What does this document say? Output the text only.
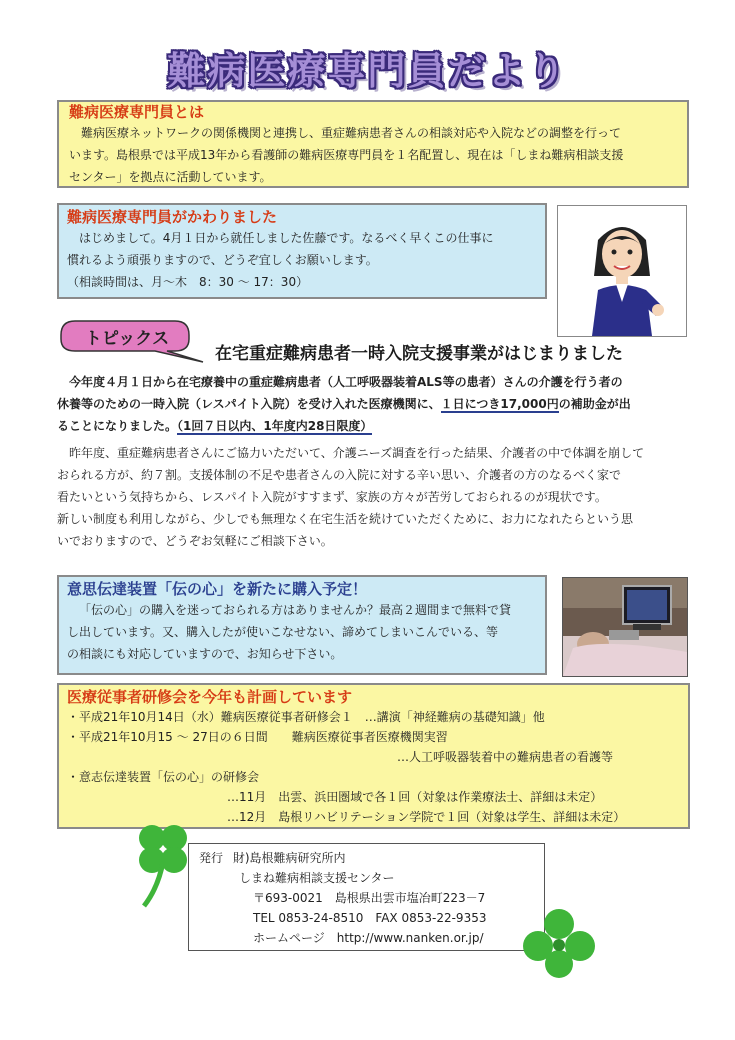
難病医療専門員だより

難病医療専門員とは

難病医療ネットワークの関係機関と連携し、重症難病患者さんの相談対応や入院などの調整を行って

います。島根県では平成13年から看護師の難病医療専門員を１名配置し、現在は「しまね難病相談支援

センター」を拠点に活動しています。

難病医療専門員がかわりました

はじめまして。4月１日から就任しました佐藤です。なるべく早くこの仕事に

慣れるよう頑張りますので、どうぞ宜しくお願いします。

（相談時間は、月〜木　8：30 〜 17：30）

トピックス
在宅重症難病患者一時入院支援事業がはじまりました
今年度４月１日から在宅療養中の重症難病患者（人工呼吸器装着ALS等の患者）さんの介護を行う者の
休養等のための一時入院（レスパイト入院）を受け入れた医療機関に、１日につき17,000円の補助金が出
ることになりました。（1回７日以内、1年度内28日限度）

昨年度、重症難病患者さんにご協力いただいて、介護ニーズ調査を行った結果、介護者の中で体調を崩して

おられる方が、約７割。支援体制の不足や患者さんの入院に対する辛い思い、介護者の方のなるべく家で

看たいという気持ちから、レスパイト入院がすすまず、家族の方々が苦労しておられるのが現状です。

新しい制度も利用しながら、少しでも無理なく在宅生活を続けていただくために、お力になれたらという思

いでおりますので、どうぞお気軽にご相談下さい。

意思伝達装置「伝の心」を新たに購入予定！

「伝の心」の購入を迷っておられる方はありませんか？最高２週間まで無料で貸

し出しています。又、購入したが使いこなせない、諦めてしまいこんでいる、等

の相談にも対応していますので、お知らせ下さい。

医療従事者研修会を今年も計画しています

・平成21年10月14日（水）難病医療従事者研修会１　…講演「神経難病の基礎知識」他

・平成21年10月15 〜 27日の６日間　　難病医療従事者医療機関実習

…人工呼吸器装着中の難病患者の看護等

・意志伝達装置「伝の心」の研修会

…11月　出雲、浜田圏域で各１回（対象は作業療法士、詳細は未定）

…12月　島根リハビリテーション学院で１回（対象は学生、詳細は未定）

発行 財)島根難病研究所内
しまね難病相談支援センター
〒693-0021　島根県出雲市塩冶町223－7
TEL 0853-24-8510　FAX 0853-22-9353
ホームページ　http://www.nanken.or.jp/
